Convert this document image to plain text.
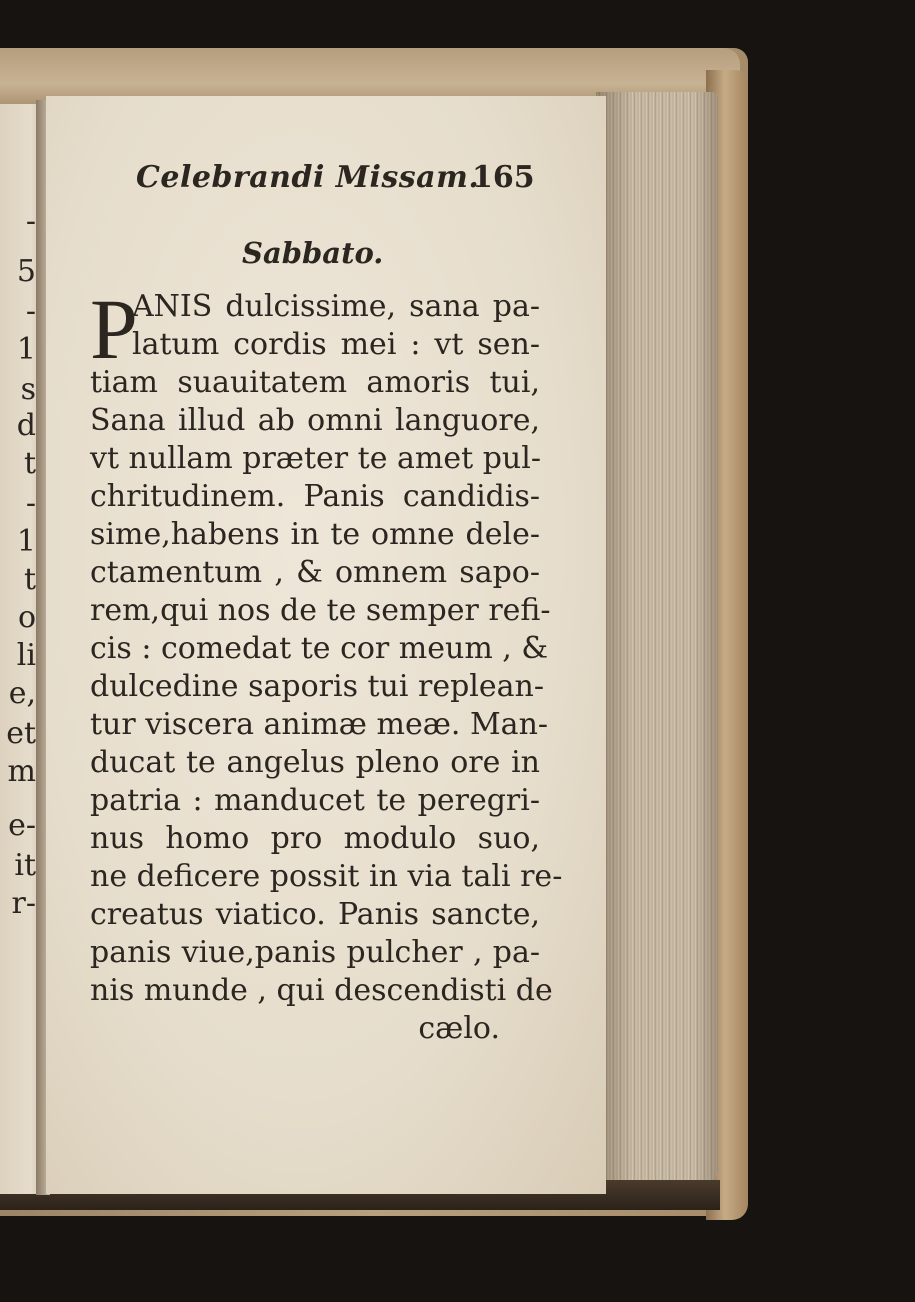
-
5
-
1
s
d
t
-
1
t
o
li
e,
et
m
e-
it
r-
Celebrandi Missam.
165
Sabbato.
P
ANIS dulcissime, sana pa-
latum cordis mei : vt sen-
tiam suauitatem amoris tui,
Sana illud ab omni languore,
vt nullam præter te amet pul-
chritudinem. Panis candidis-
sime,habens in te omne dele-
ctamentum , & omnem sapo-
rem,qui nos de te semper refi-
cis : comedat te cor meum , &
dulcedine saporis tui replean-
tur viscera animæ meæ. Man-
ducat te angelus pleno ore in
patria : manducet te peregri-
nus homo pro modulo suo,
ne deficere possit in via tali re-
creatus viatico. Panis sancte,
panis viue,panis pulcher , pa-
nis munde , qui descendisti de
cælo.
